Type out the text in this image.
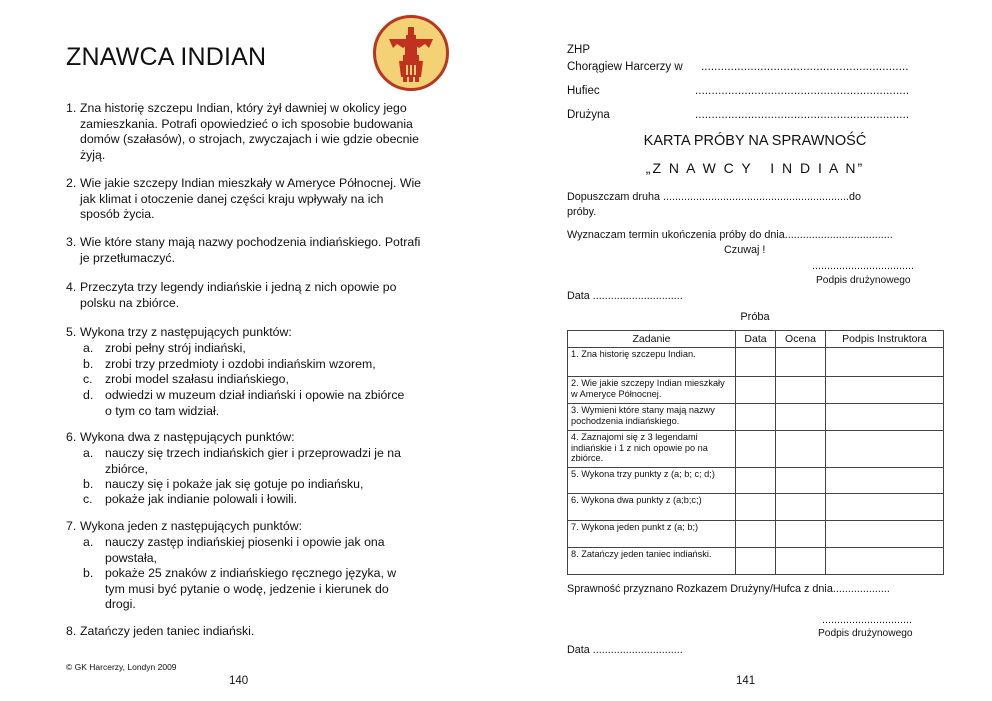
ZNAWCA INDIAN
1. Zna historię szczepu Indian, który żył dawniej w okolicy jego zamieszkania. Potrafi opowiedzieć o ich sposobie budowania domów (szałasów), o strojach, zwyczajach i wie gdzie obecnie żyją.
2. Wie jakie szczepy Indian mieszkały w Ameryce Północnej. Wie jak klimat i otoczenie danej części kraju wpływały na ich sposób życia.
3. Wie które stany mają nazwy pochodzenia indiańskiego. Potrafi je przetłumaczyć.
4. Przeczyta trzy legendy indiańskie i jedną z nich opowie po polsku na zbiórce.
5. Wykona trzy z następujących punktów:
a. zrobi pełny strój indiański,
b. zrobi trzy przedmioty i ozdobi indiańskim wzorem,
c. zrobi model szałasu indiańskiego,
d. odwiedzi w muzeum dział indiański i opowie na zbiórce o tym co tam widział.
6. Wykona dwa z następujących punktów:
a. nauczy się trzech indiańskich gier i przeprowadzi je na zbiórce,
b. nauczy się i pokaże jak się gotuje po indiańsku,
c. pokaże jak indianie polowali i łowili.
7. Wykona jeden z następujących punktów:
a. nauczy zastęp indiańskiej piosenki i opowie jak ona powstała,
b. pokaże 25 znaków z indiańskiego ręcznego języka, w tym musi być pytanie o wodę, jedzenie i kierunek do drogi.
8. Zatańczy jeden taniec indiański.
© GK Harcerzy, Londyn 2009
140
ZHP
Chorągiew Harcerzy w ...............................................................
Hufiec	.................................................................
Drużyna	.................................................................
KARTA PRÓBY NA SPRAWNOŚĆ
„Z N A W C Y   I N D I A N”
Dopuszczam druha ..............................................................do
próby.
Wyznaczam termin ukończenia próby do dnia....................................
Czuwaj !
..................................
Podpis drużynowego
Data ..............................
Próba
Zadanie	Data	Ocena	Podpis Instruktora
1. Zna historię szczepu Indian.			
2. Wie jakie szczepy Indian mieszkały w Ameryce Północnej.			
3. Wymieni które stany mają nazwy pochodzenia indiańskiego.			
4. Zaznajomi się z 3 legendami indiańskie i 1 z nich opowie po na zbiórce.			
5. Wykona trzy punkty z (a; b; c; d;)			
6. Wykona dwa punkty z (a;b;c;)			
7. Wykona jeden punkt z (a; b;)			
8. Zatańczy jeden taniec indiański.			
Sprawność przyznano Rozkazem Drużyny/Hufca z dnia...................
..............................
Podpis drużynowego
Data ..............................
141
